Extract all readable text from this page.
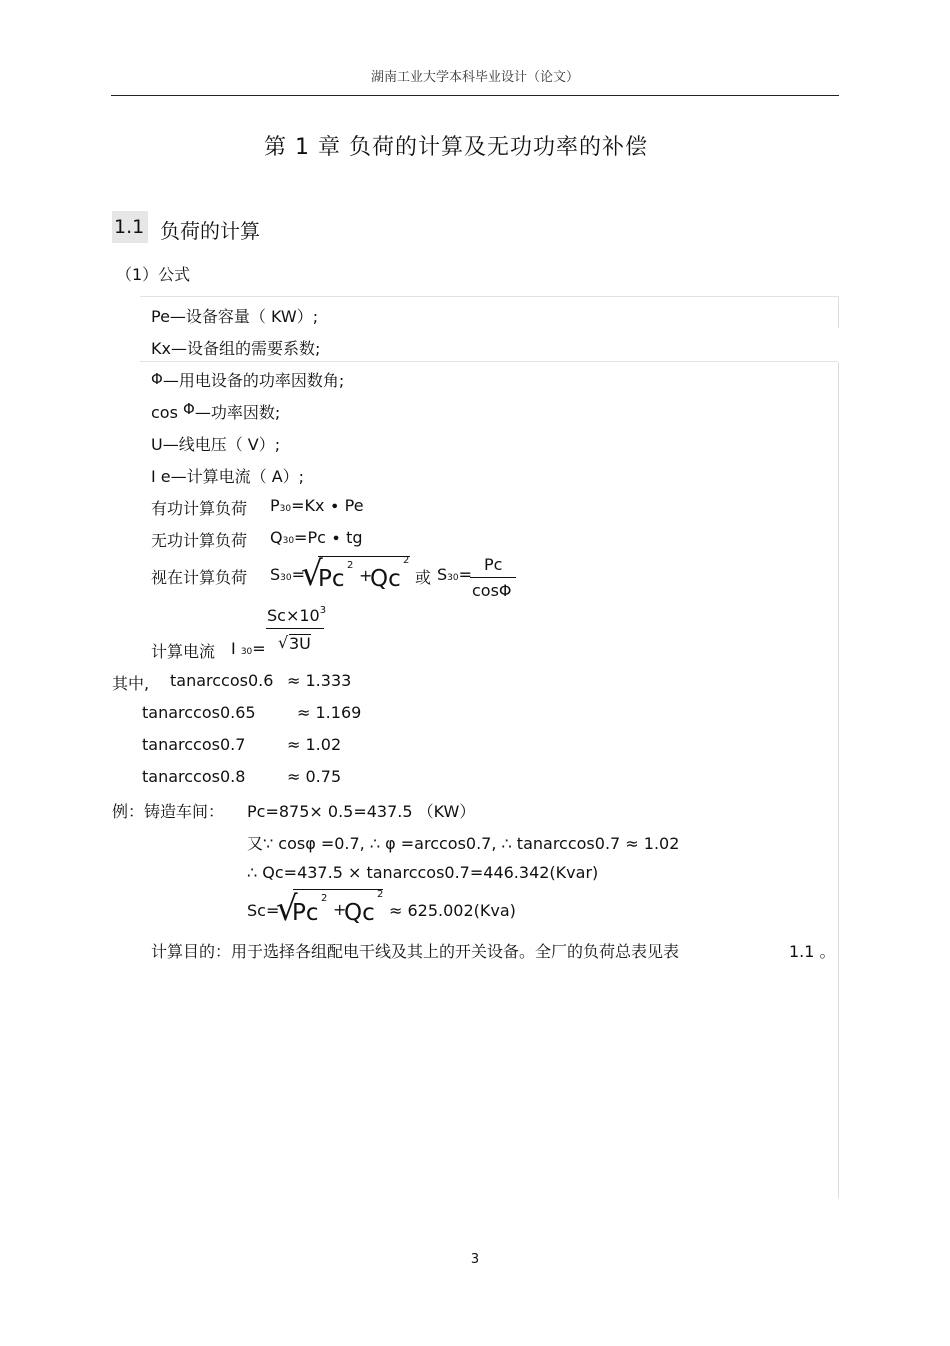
湖南工业大学本科毕业设计（论文）
第 1 章 负荷的计算及无功功率的补偿
1.1 负荷的计算
（1）公式
Pe—设备容量（ KW）;
Kx—设备组的需要系数;
Φ—用电设备的功率因数角;
cos Φ—功率因数;
U—线电压（ V）;
I e—计算电流（ A）;
有功计算负荷 P30=Kx ∙ Pe
无功计算负荷 Q30=Pc ∙ tg
视在计算负荷 S30=
√
Pc
2
+
Qc
2
或 S30=
Pc
cosΦ
$Sc\times 10^3$
√ 3U
计算电流 I 30=
其中, tanarccos0.6 ≈ 1.333
tanarccos0.65	≈ 1.169
tanarccos0.7	≈ 1.02
tanarccos0.8	≈ 0.75
例：铸造车间： Pc=875× 0.5=437.5 （KW）
又∵ cosφ =0.7, ∴ φ =arccos0.7, ∴ tanarccos0.7 ≈ 1.02
∴ Qc=437.5 × tanarccos0.7=446.342(Kvar)
Sc=
√
Pc
2
+
Qc
2
≈ 625.002(Kva)
计算目的：用于选择各组配电干线及其上的开关设备。全厂的负荷总表见表	1.1 。
3
